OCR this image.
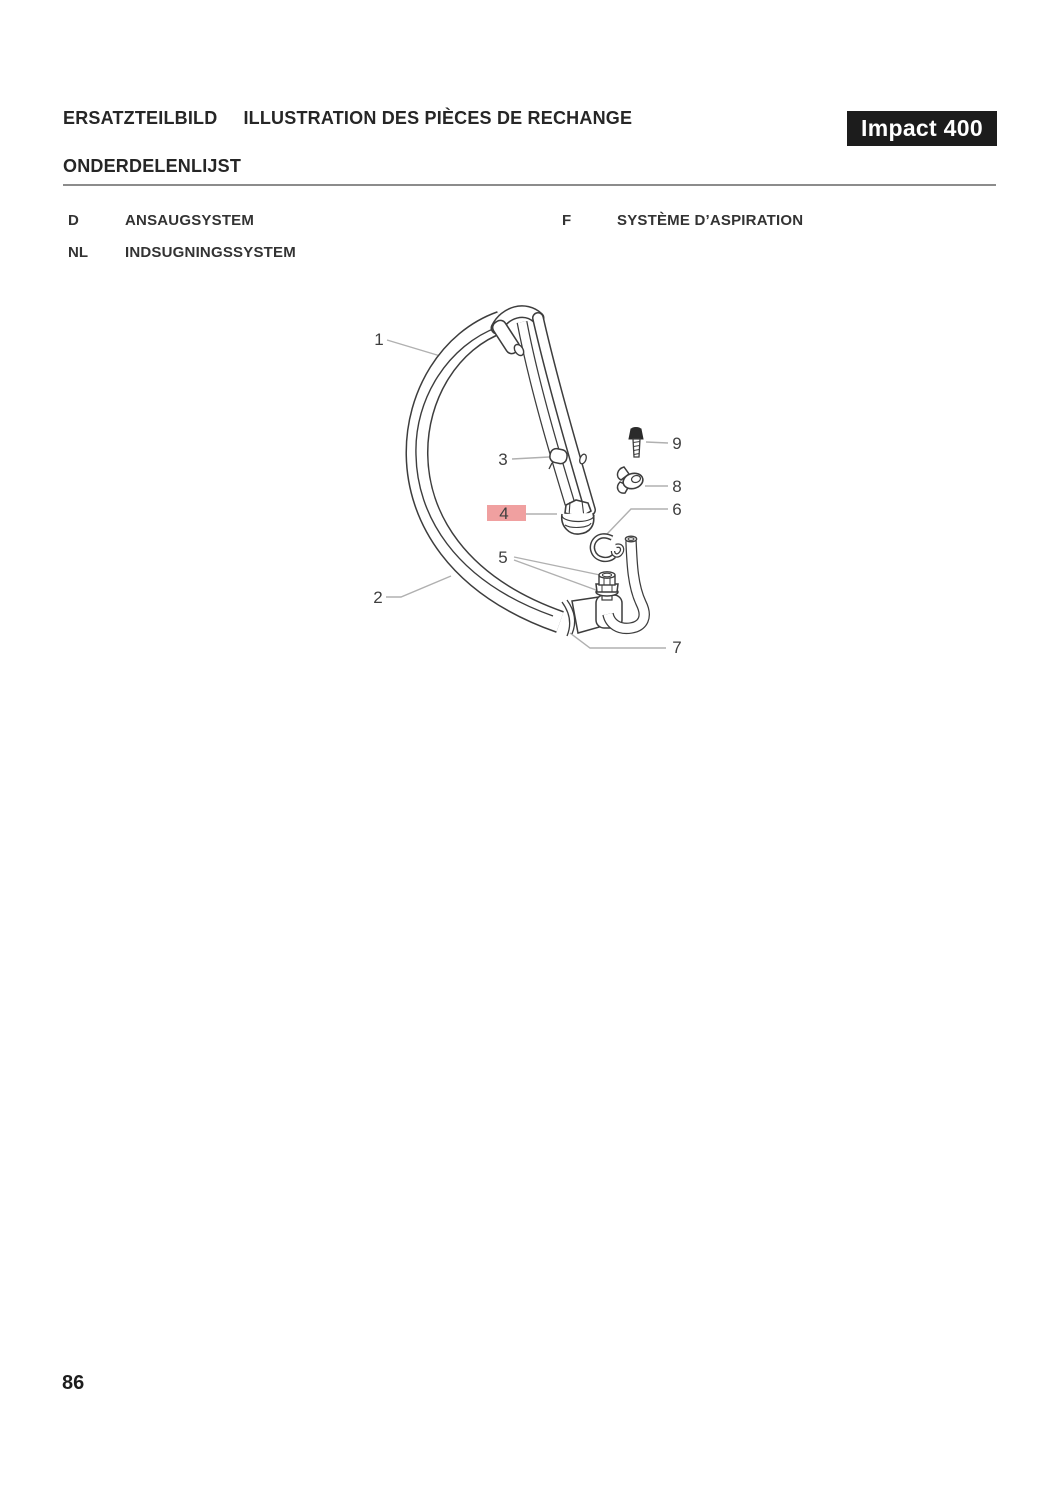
ERSATZTEILBILD ILLUSTRATION DES PIÈCES DE RECHANGE	Impact 400
ONDERDELENLIJST
D	ANSAUGSYSTEM	F	SYSTÈME D’ASPIRATION
NL INDSUGNINGSSYSTEM
1
2
3
4
5
6
7
8
9
86
